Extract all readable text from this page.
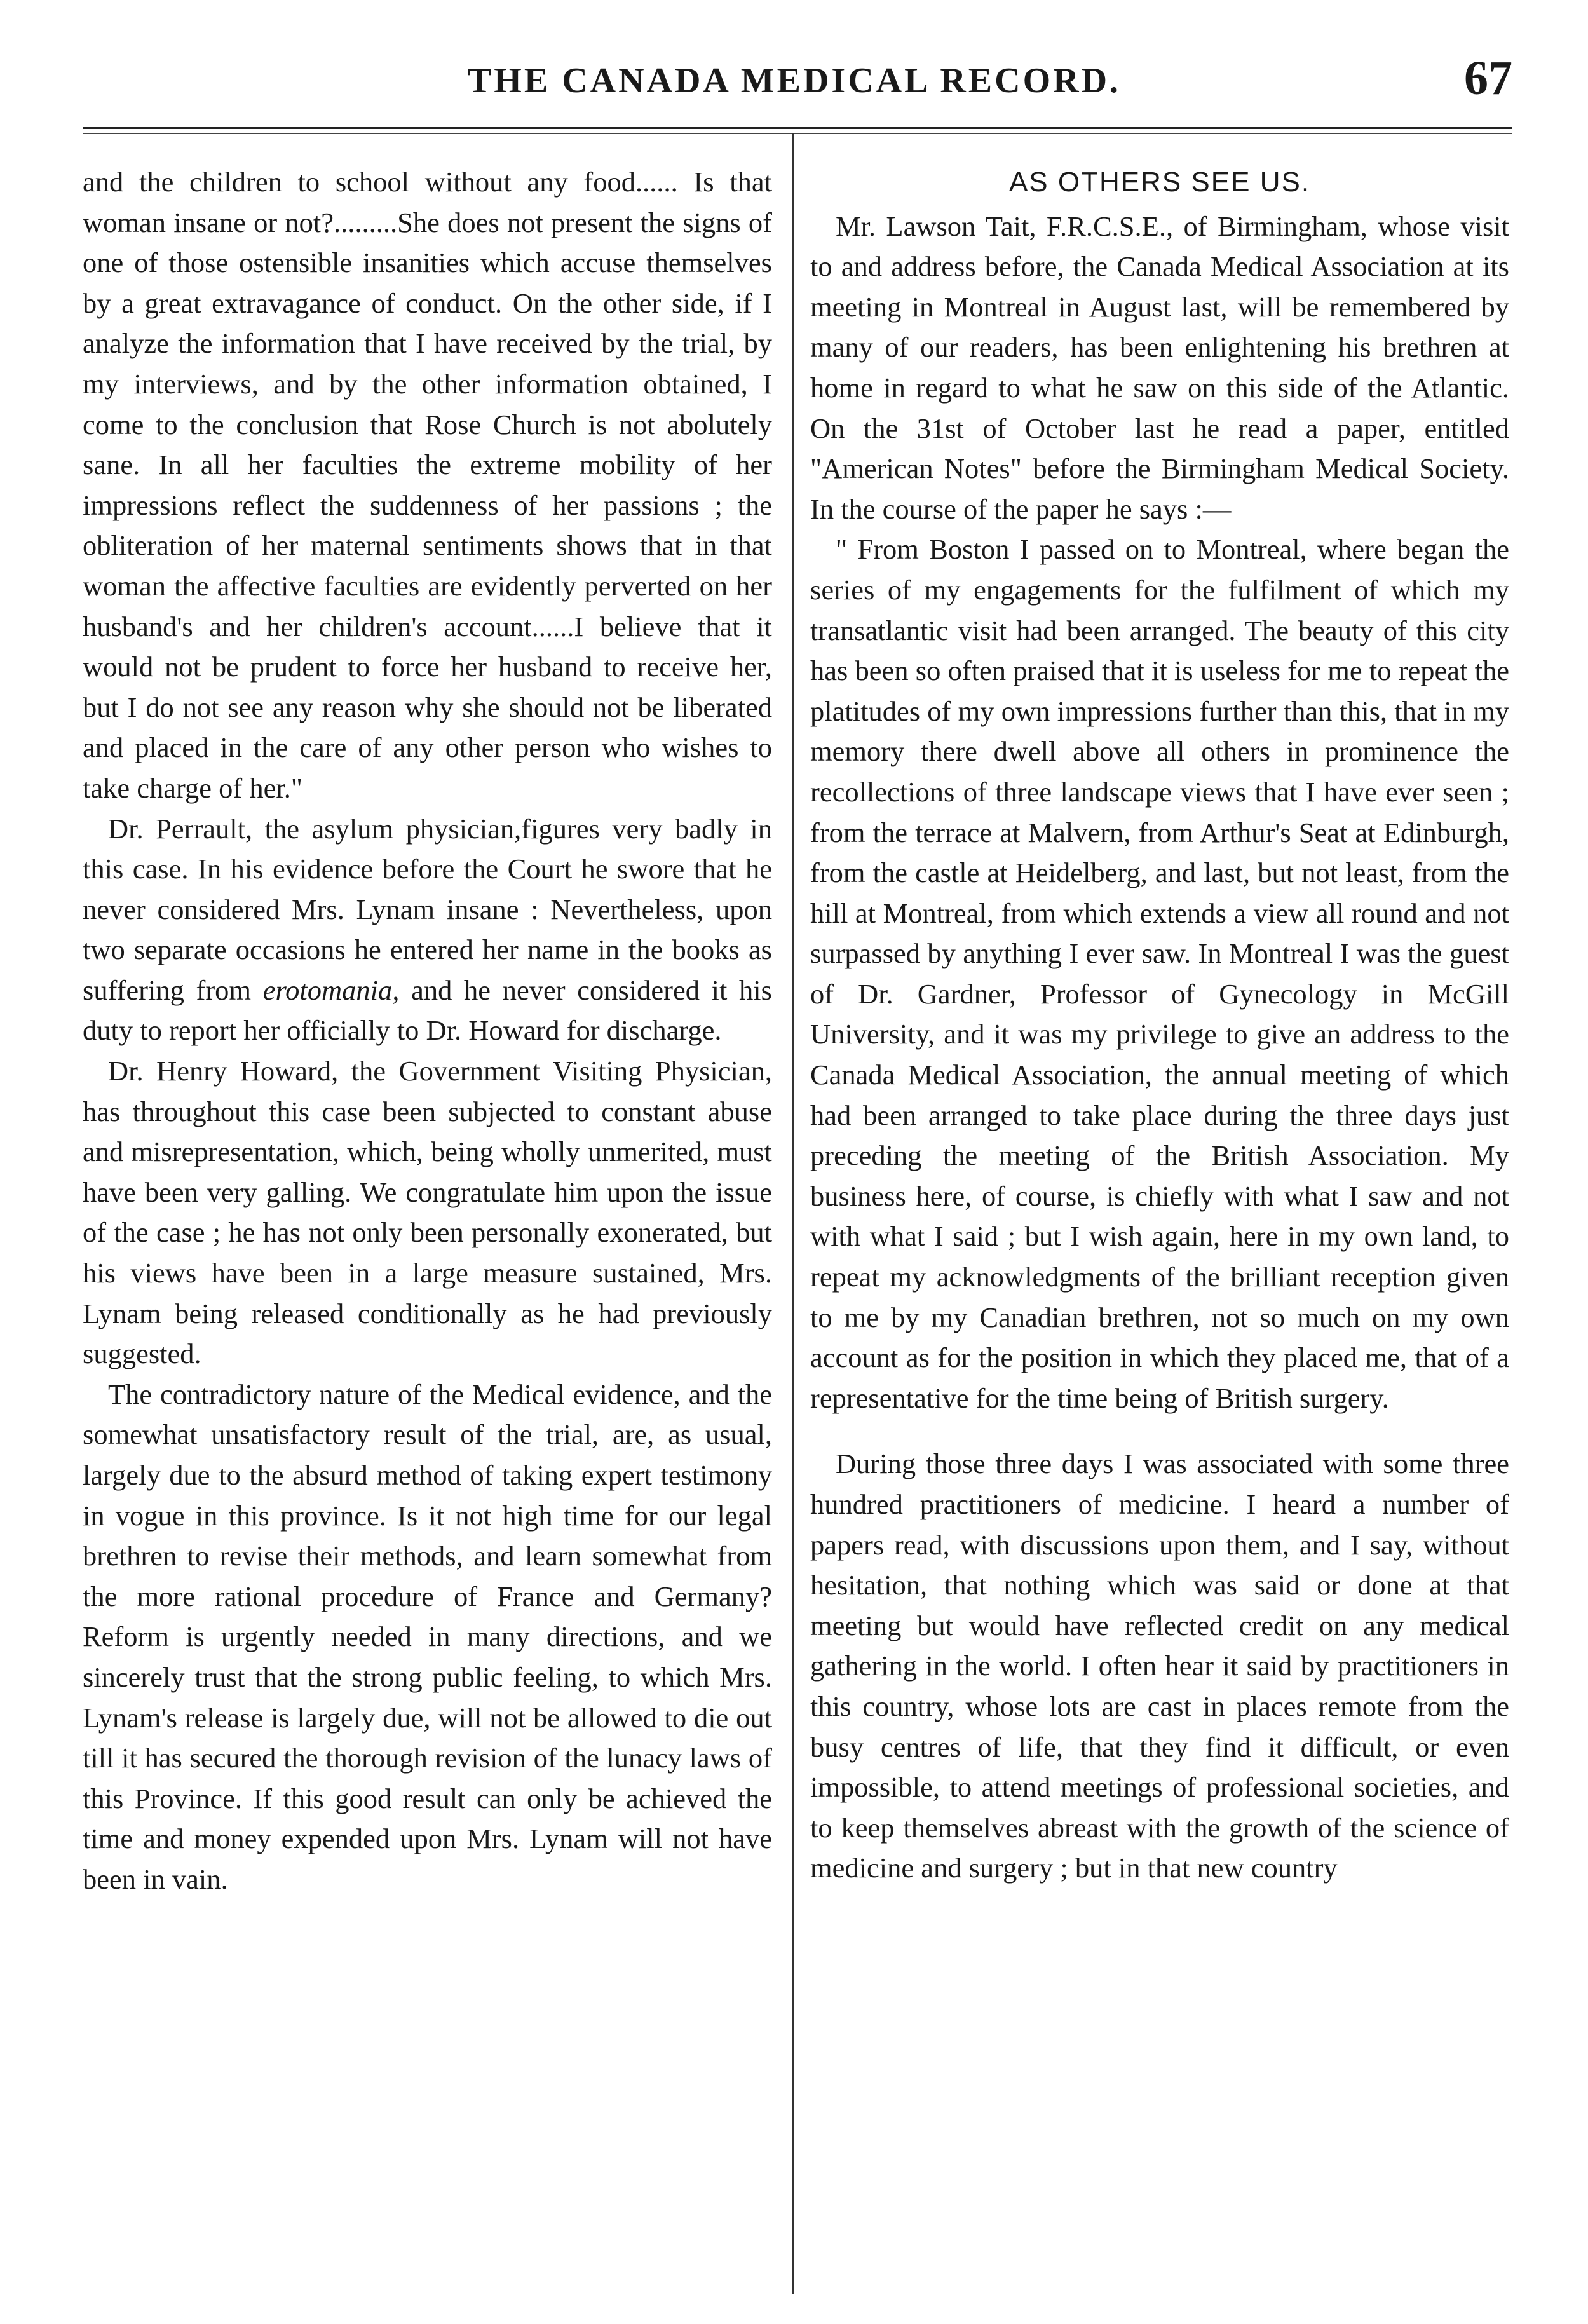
THE CANADA MEDICAL RECORD.	67

and the children to school without any food...... Is that woman insane or not?.........She does not present the signs of one of those ostensible insanities which accuse themselves by a great extravagance of conduct. On the other side, if I analyze the information that I have received by the trial, by my interviews, and by the other information obtained, I come to the conclusion that Rose Church is not abolutely sane. In all her faculties the extreme mobility of her impressions reflect the suddenness of her passions ; the obliteration of her maternal sentiments shows that in that woman the affective faculties are evidently perverted on her husband's and her children's account......I believe that it would not be prudent to force her husband to receive her, but I do not see any reason why she should not be liberated and placed in the care of any other person who wishes to take charge of her."

Dr. Perrault, the asylum physician,figures very badly in this case. In his evidence before the Court he swore that he never considered Mrs. Lynam insane : Nevertheless, upon two separate occasions he entered her name in the books as suffering from erotomania, and he never considered it his duty to report her officially to Dr. Howard for discharge.

Dr. Henry Howard, the Government Visiting Physician, has throughout this case been subjected to constant abuse and misrepresentation, which, being wholly unmerited, must have been very galling. We congratulate him upon the issue of the case ; he has not only been personally exonerated, but his views have been in a large measure sustained, Mrs. Lynam being released conditionally as he had previously suggested.

The contradictory nature of the Medical evidence, and the somewhat unsatisfactory result of the trial, are, as usual, largely due to the absurd method of taking expert testimony in vogue in this province. Is it not high time for our legal brethren to revise their methods, and learn somewhat from the more rational procedure of France and Germany? Reform is urgently needed in many directions, and we sincerely trust that the strong public feeling, to which Mrs. Lynam's release is largely due, will not be allowed to die out till it has secured the thorough revision of the lunacy laws of this Province. If this good result can only be achieved the time and money expended upon Mrs. Lynam will not have been in vain.

AS OTHERS SEE US.

Mr. Lawson Tait, F.R.C.S.E., of Birmingham, whose visit to and address before, the Canada Medical Association at its meeting in Montreal in August last, will be remembered by many of our readers, has been enlightening his brethren at home in regard to what he saw on this side of the Atlantic. On the 31st of October last he read a paper, entitled "American Notes" before the Birmingham Medical Society. In the course of the paper he says :—

" From Boston I passed on to Montreal, where began the series of my engagements for the fulfilment of which my transatlantic visit had been arranged. The beauty of this city has been so often praised that it is useless for me to repeat the platitudes of my own impressions further than this, that in my memory there dwell above all others in prominence the recollections of three landscape views that I have ever seen ; from the terrace at Malvern, from Arthur's Seat at Edinburgh, from the castle at Heidelberg, and last, but not least, from the hill at Montreal, from which extends a view all round and not surpassed by anything I ever saw. In Montreal I was the guest of Dr. Gardner, Professor of Gynecology in McGill University, and it was my privilege to give an address to the Canada Medical Association, the annual meeting of which had been arranged to take place during the three days just preceding the meeting of the British Association. My business here, of course, is chiefly with what I saw and not with what I said ; but I wish again, here in my own land, to repeat my acknowledgments of the brilliant reception given to me by my Canadian brethren, not so much on my own account as for the position in which they placed me, that of a representative for the time being of British surgery.

During those three days I was associated with some three hundred practitioners of medicine. I heard a number of papers read, with discussions upon them, and I say, without hesitation, that nothing which was said or done at that meeting but would have reflected credit on any medical gathering in the world. I often hear it said by practitioners in this country, whose lots are cast in places remote from the busy centres of life, that they find it difficult, or even impossible, to attend meetings of professional societies, and to keep themselves abreast with the growth of the science of medicine and surgery ; but in that new country
